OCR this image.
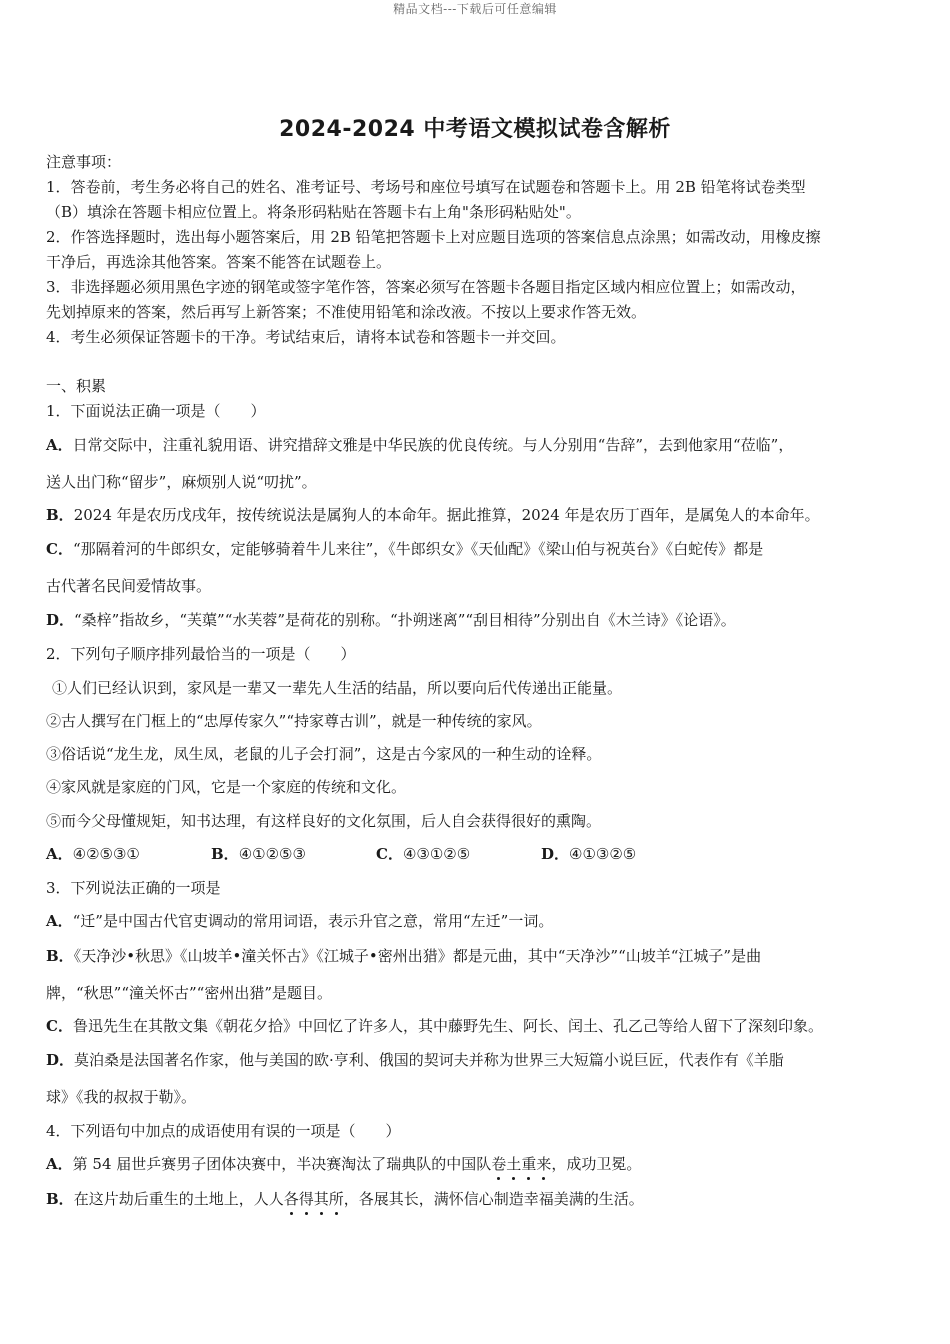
精品文档---下载后可任意编辑
2024-2024 中考语文模拟试卷含解析
注意事项：
1．答卷前，考生务必将自己的姓名、准考证号、考场号和座位号填写在试题卷和答题卡上。用 2B 铅笔将试卷类型
（B）填涂在答题卡相应位置上。将条形码粘贴在答题卡右上角"条形码粘贴处"。
2．作答选择题时，选出每小题答案后，用 2B 铅笔把答题卡上对应题目选项的答案信息点涂黑；如需改动，用橡皮擦
干净后，再选涂其他答案。答案不能答在试题卷上。
3．非选择题必须用黑色字迹的钢笔或签字笔作答，答案必须写在答题卡各题目指定区域内相应位置上；如需改动，
先划掉原来的答案，然后再写上新答案；不准使用铅笔和涂改液。不按以上要求作答无效。
4．考生必须保证答题卡的干净。考试结束后，请将本试卷和答题卡一并交回。
一、积累
1．下面说法正确一项是（　　）
A．日常交际中，注重礼貌用语、讲究措辞文雅是中华民族的优良传统。与人分别用“告辞”，去到他家用“莅临”，
送人出门称“留步”，麻烦别人说“叨扰”。
B．2024 年是农历戊戌年，按传统说法是属狗人的本命年。据此推算，2024 年是农历丁酉年，是属兔人的本命年。
C．“那隔着河的牛郎织女，定能够骑着牛儿来往”，《牛郎织女》《天仙配》《梁山伯与祝英台》《白蛇传》都是
古代著名民间爱情故事。
D．“桑梓”指故乡，“芙蕖”“水芙蓉”是荷花的别称。“扑朔迷离”“刮目相待”分别出自《木兰诗》《论语》。
2．下列句子顺序排列最恰当的一项是（　　）
①人们已经认识到，家风是一辈又一辈先人生活的结晶，所以要向后代传递出正能量。
②古人撰写在门框上的“忠厚传家久”“持家尊古训”，就是一种传统的家风。
③俗话说“龙生龙，凤生凤，老鼠的儿子会打洞”，这是古今家风的一种生动的诠释。
④家风就是家庭的门风，它是一个家庭的传统和文化。
⑤而今父母懂规矩，知书达理，有这样良好的文化氛围，后人自会获得很好的熏陶。
A．④②⑤③①	B．④①②⑤③	C．④③①②⑤	D．④①③②⑤
3．下列说法正确的一项是
A．“迁”是中国古代官吏调动的常用词语，表示升官之意，常用“左迁”一词。
B．《天净沙•秋思》《山坡羊•潼关怀古》《江城子•密州出猎》都是元曲，其中“天净沙”“山坡羊“江城子”是曲
牌，“秋思”“潼关怀古”“密州出猎”是题目。
C．鲁迅先生在其散文集《朝花夕拾》中回忆了许多人，其中藤野先生、阿长、闰土、孔乙己等给人留下了深刻印象。
D．莫泊桑是法国著名作家，他与美国的欧·亨利、俄国的契诃夫并称为世界三大短篇小说巨匠，代表作有《羊脂
球》《我的叔叔于勒》。
4．下列语句中加点的成语使用有误的一项是（　　）
A．第 54 届世乒赛男子团体决赛中，半决赛淘汰了瑞典队的中国队卷土重来，成功卫冕。
B．在这片劫后重生的土地上，人人各得其所，各展其长，满怀信心制造幸福美满的生活。
